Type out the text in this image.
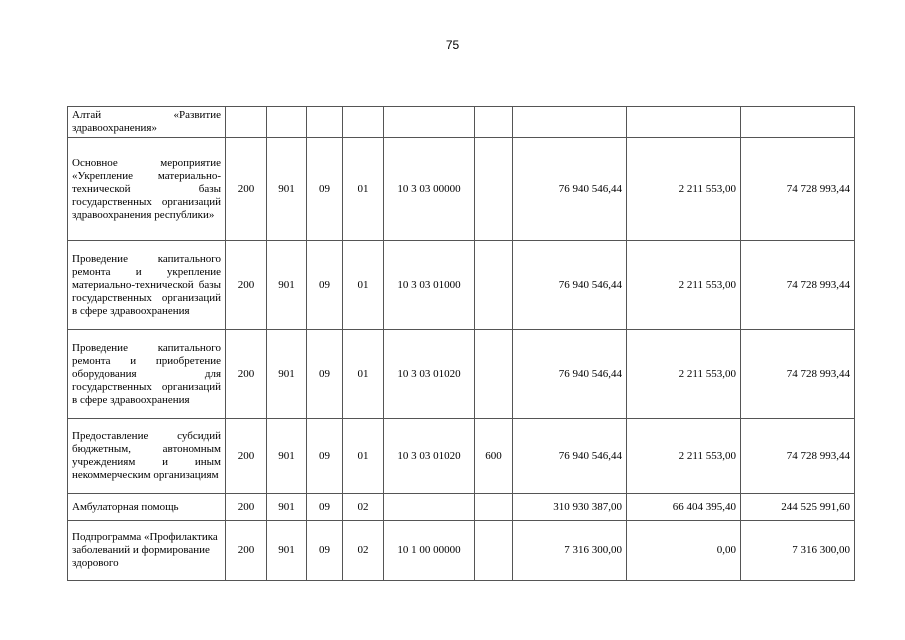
75
Алтай «Развитие здравоохранения»									
Основное мероприятие «Укрепление материально-технической базы государственных организаций здравоохранения республики»	200	901	09	01	10 3 03 00000		76 940 546,44	2 211 553,00	74 728 993,44
Проведение капитального ремонта и укрепление материально-технической базы государственных организаций в сфере здравоохранения	200	901	09	01	10 3 03 01000		76 940 546,44	2 211 553,00	74 728 993,44
Проведение капитального ремонта и приобретение оборудования для государственных организаций в сфере здравоохранения	200	901	09	01	10 3 03 01020		76 940 546,44	2 211 553,00	74 728 993,44
Предоставление субсидий бюджетным, автономным учреждениям и иным некоммерческим организациям	200	901	09	01	10 3 03 01020	600	76 940 546,44	2 211 553,00	74 728 993,44
Амбулаторная помощь	200	901	09	02			310 930 387,00	66 404 395,40	244 525 991,60
Подпрограмма «Профилактика заболеваний и формирование здорового	200	901	09	02	10 1 00 00000		7 316 300,00	0,00	7 316 300,00
